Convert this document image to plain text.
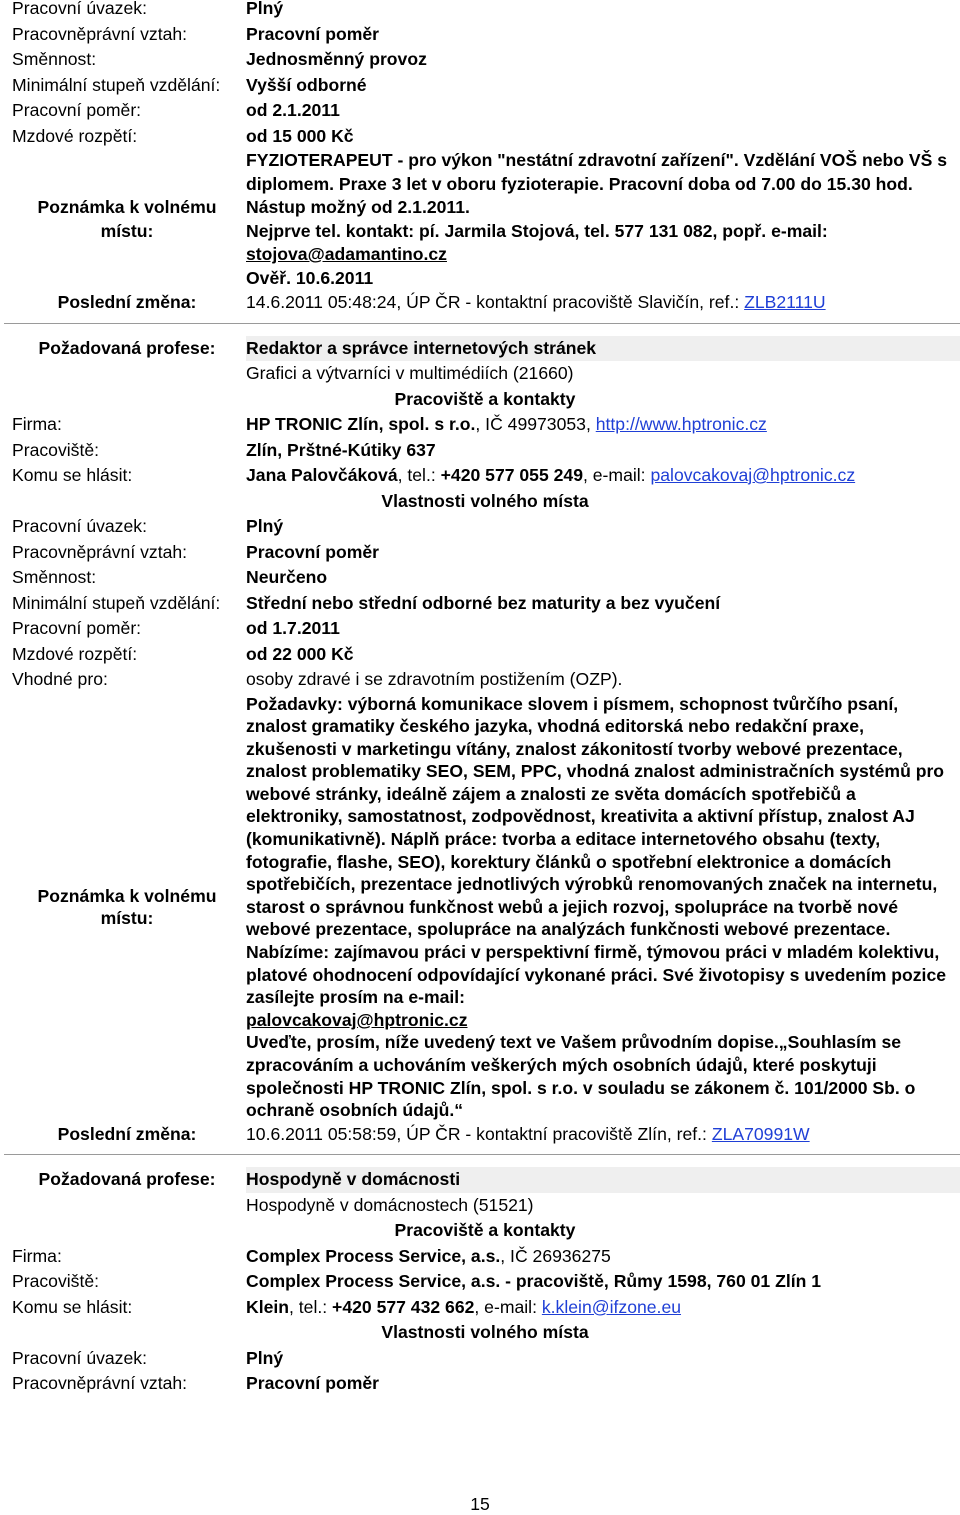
Pracovní úvazek:	Plný
Pracovněprávní vztah:	Pracovní poměr
Směnnost:	Jednosměnný provoz
Minimální stupeň vzdělání:	Vyšší odborné
Pracovní poměr:	od 2.1.2011
Mzdové rozpětí:	od 15 000 Kč
Poznámka k volnému
místu:
FYZIOTERAPEUT - pro výkon "nestátní zdravotní zařízení". Vzdělání VOŠ nebo VŠ s diplomem. Praxe 3 let v oboru fyzioterapie. Pracovní doba od 7.00 do 15.30 hod. Nástup možný od 2.1.2011.
Nejprve tel. kontakt: pí. Jarmila Stojová, tel. 577 131 082, popř. e-mail:
stojova@adamantino.cz
Ověř. 10.6.2011
Poslední změna:	14.6.2011 05:48:24, ÚP ČR - kontaktní pracoviště Slavičín, ref.: ZLB2111U
Požadovaná profese:	Redaktor a správce internetových stránek
Grafici a výtvarníci v multimédiích (21660)
Pracoviště a kontakty
Firma:	HP TRONIC Zlín, spol. s r.o., IČ 49973053, http://www.hptronic.cz
Pracoviště:	Zlín, Prštné-Kútiky 637
Komu se hlásit:	Jana Palovčáková, tel.: +420 577 055 249, e-mail: palovcakovaj@hptronic.cz
Vlastnosti volného místa
Pracovní úvazek:	Plný
Pracovněprávní vztah:	Pracovní poměr
Směnnost:	Neurčeno
Minimální stupeň vzdělání:	Střední nebo střední odborné bez maturity a bez vyučení
Pracovní poměr:	od 1.7.2011
Mzdové rozpětí:	od 22 000 Kč
Vhodné pro:	osoby zdravé i se zdravotním postižením (OZP).
Poznámka k volnému
místu:
Požadavky: výborná komunikace slovem i písmem, schopnost tvůrčího psaní, znalost gramatiky českého jazyka, vhodná editorská nebo redakční praxe, zkušenosti v marketingu vítány, znalost zákonitostí tvorby webové prezentace, znalost problematiky SEO, SEM, PPC, vhodná znalost administračních systémů pro webové stránky, ideálně zájem a znalosti ze světa domácích spotřebičů a elektroniky, samostatnost, zodpovědnost, kreativita a aktivní přístup, znalost AJ (komunikativně). Náplň práce: tvorba a editace internetového obsahu (texty, fotografie, flashe, SEO), korektury článků o spotřební elektronice a domácích spotřebičích, prezentace jednotlivých výrobků renomovaných značek na internetu, starost o správnou funkčnost webů a jejich rozvoj, spolupráce na tvorbě nové webové prezentace, spolupráce na analýzách funkčnosti webové prezentace. Nabízíme: zajímavou práci v perspektivní firmě, týmovou práci v mladém kolektivu, platové ohodnocení odpovídající vykonané práci. Své životopisy s uvedením pozice zasílejte prosím na e-mail:
palovcakovaj@hptronic.cz
Uveďte, prosím, níže uvedený text ve Vašem průvodním dopise.„Souhlasím se zpracováním a uchováním veškerých mých osobních údajů, které poskytuji společnosti HP TRONIC Zlín, spol. s r.o. v souladu se zákonem č. 101/2000 Sb. o ochraně osobních údajů.“
Poslední změna:	10.6.2011 05:58:59, ÚP ČR - kontaktní pracoviště Zlín, ref.: ZLA70991W
Požadovaná profese:	Hospodyně v domácnosti
Hospodyně v domácnostech (51521)
Pracoviště a kontakty
Firma:	Complex Process Service, a.s., IČ 26936275
Pracoviště:	Complex Process Service, a.s. - pracoviště, Růmy 1598, 760 01 Zlín 1
Komu se hlásit:	Klein, tel.: +420 577 432 662, e-mail: k.klein@ifzone.eu
Vlastnosti volného místa
Pracovní úvazek:	Plný
Pracovněprávní vztah:	Pracovní poměr
15
